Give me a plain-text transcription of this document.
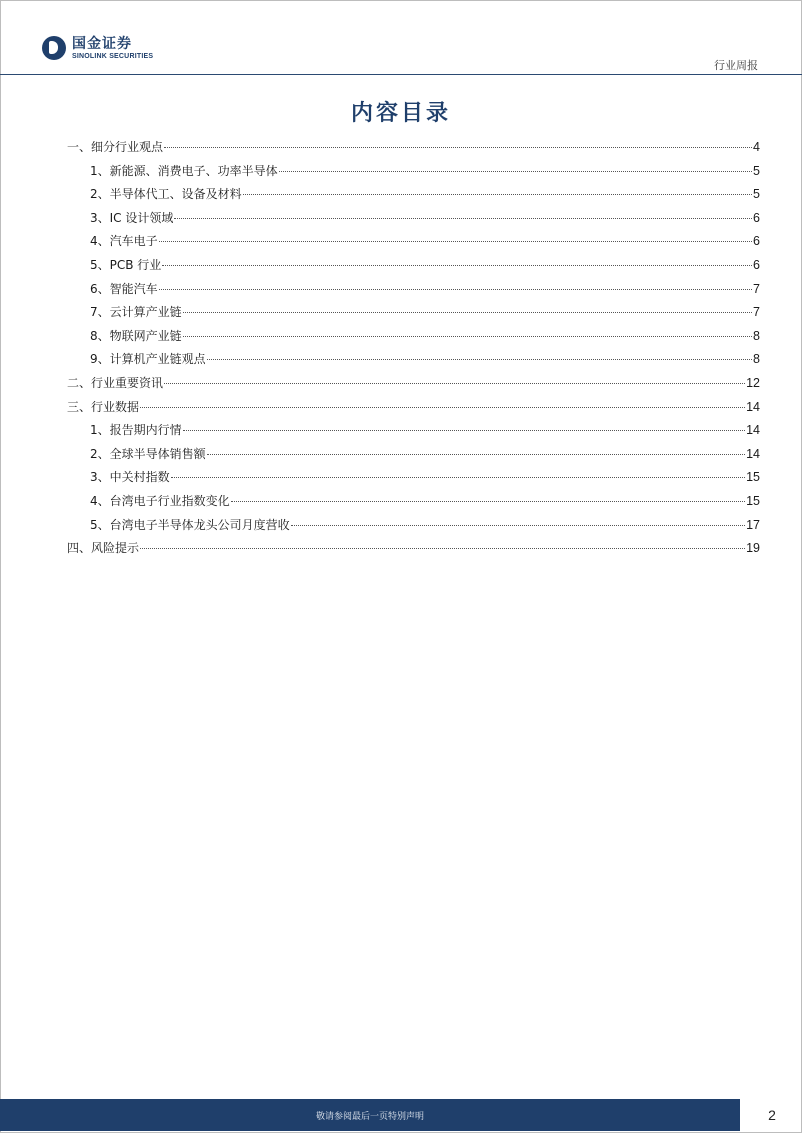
国金证券
SINOLINK SECURITIES
行业周报
内容目录
一、细分行业观点	4
1、新能源、消费电子、功率半导体	5
2、半导体代工、设备及材料	5
3、IC 设计领域	6
4、汽车电子	6
5、PCB 行业	6
6、智能汽车	7
7、云计算产业链	7
8、物联网产业链	8
9、计算机产业链观点	8
二、行业重要资讯	12
三、行业数据	14
1、报告期内行情	14
2、全球半导体销售额	14
3、中关村指数	15
4、台湾电子行业指数变化	15
5、台湾电子半导体龙头公司月度营收	17
四、风险提示	19
敬请参阅最后一页特别声明	2
